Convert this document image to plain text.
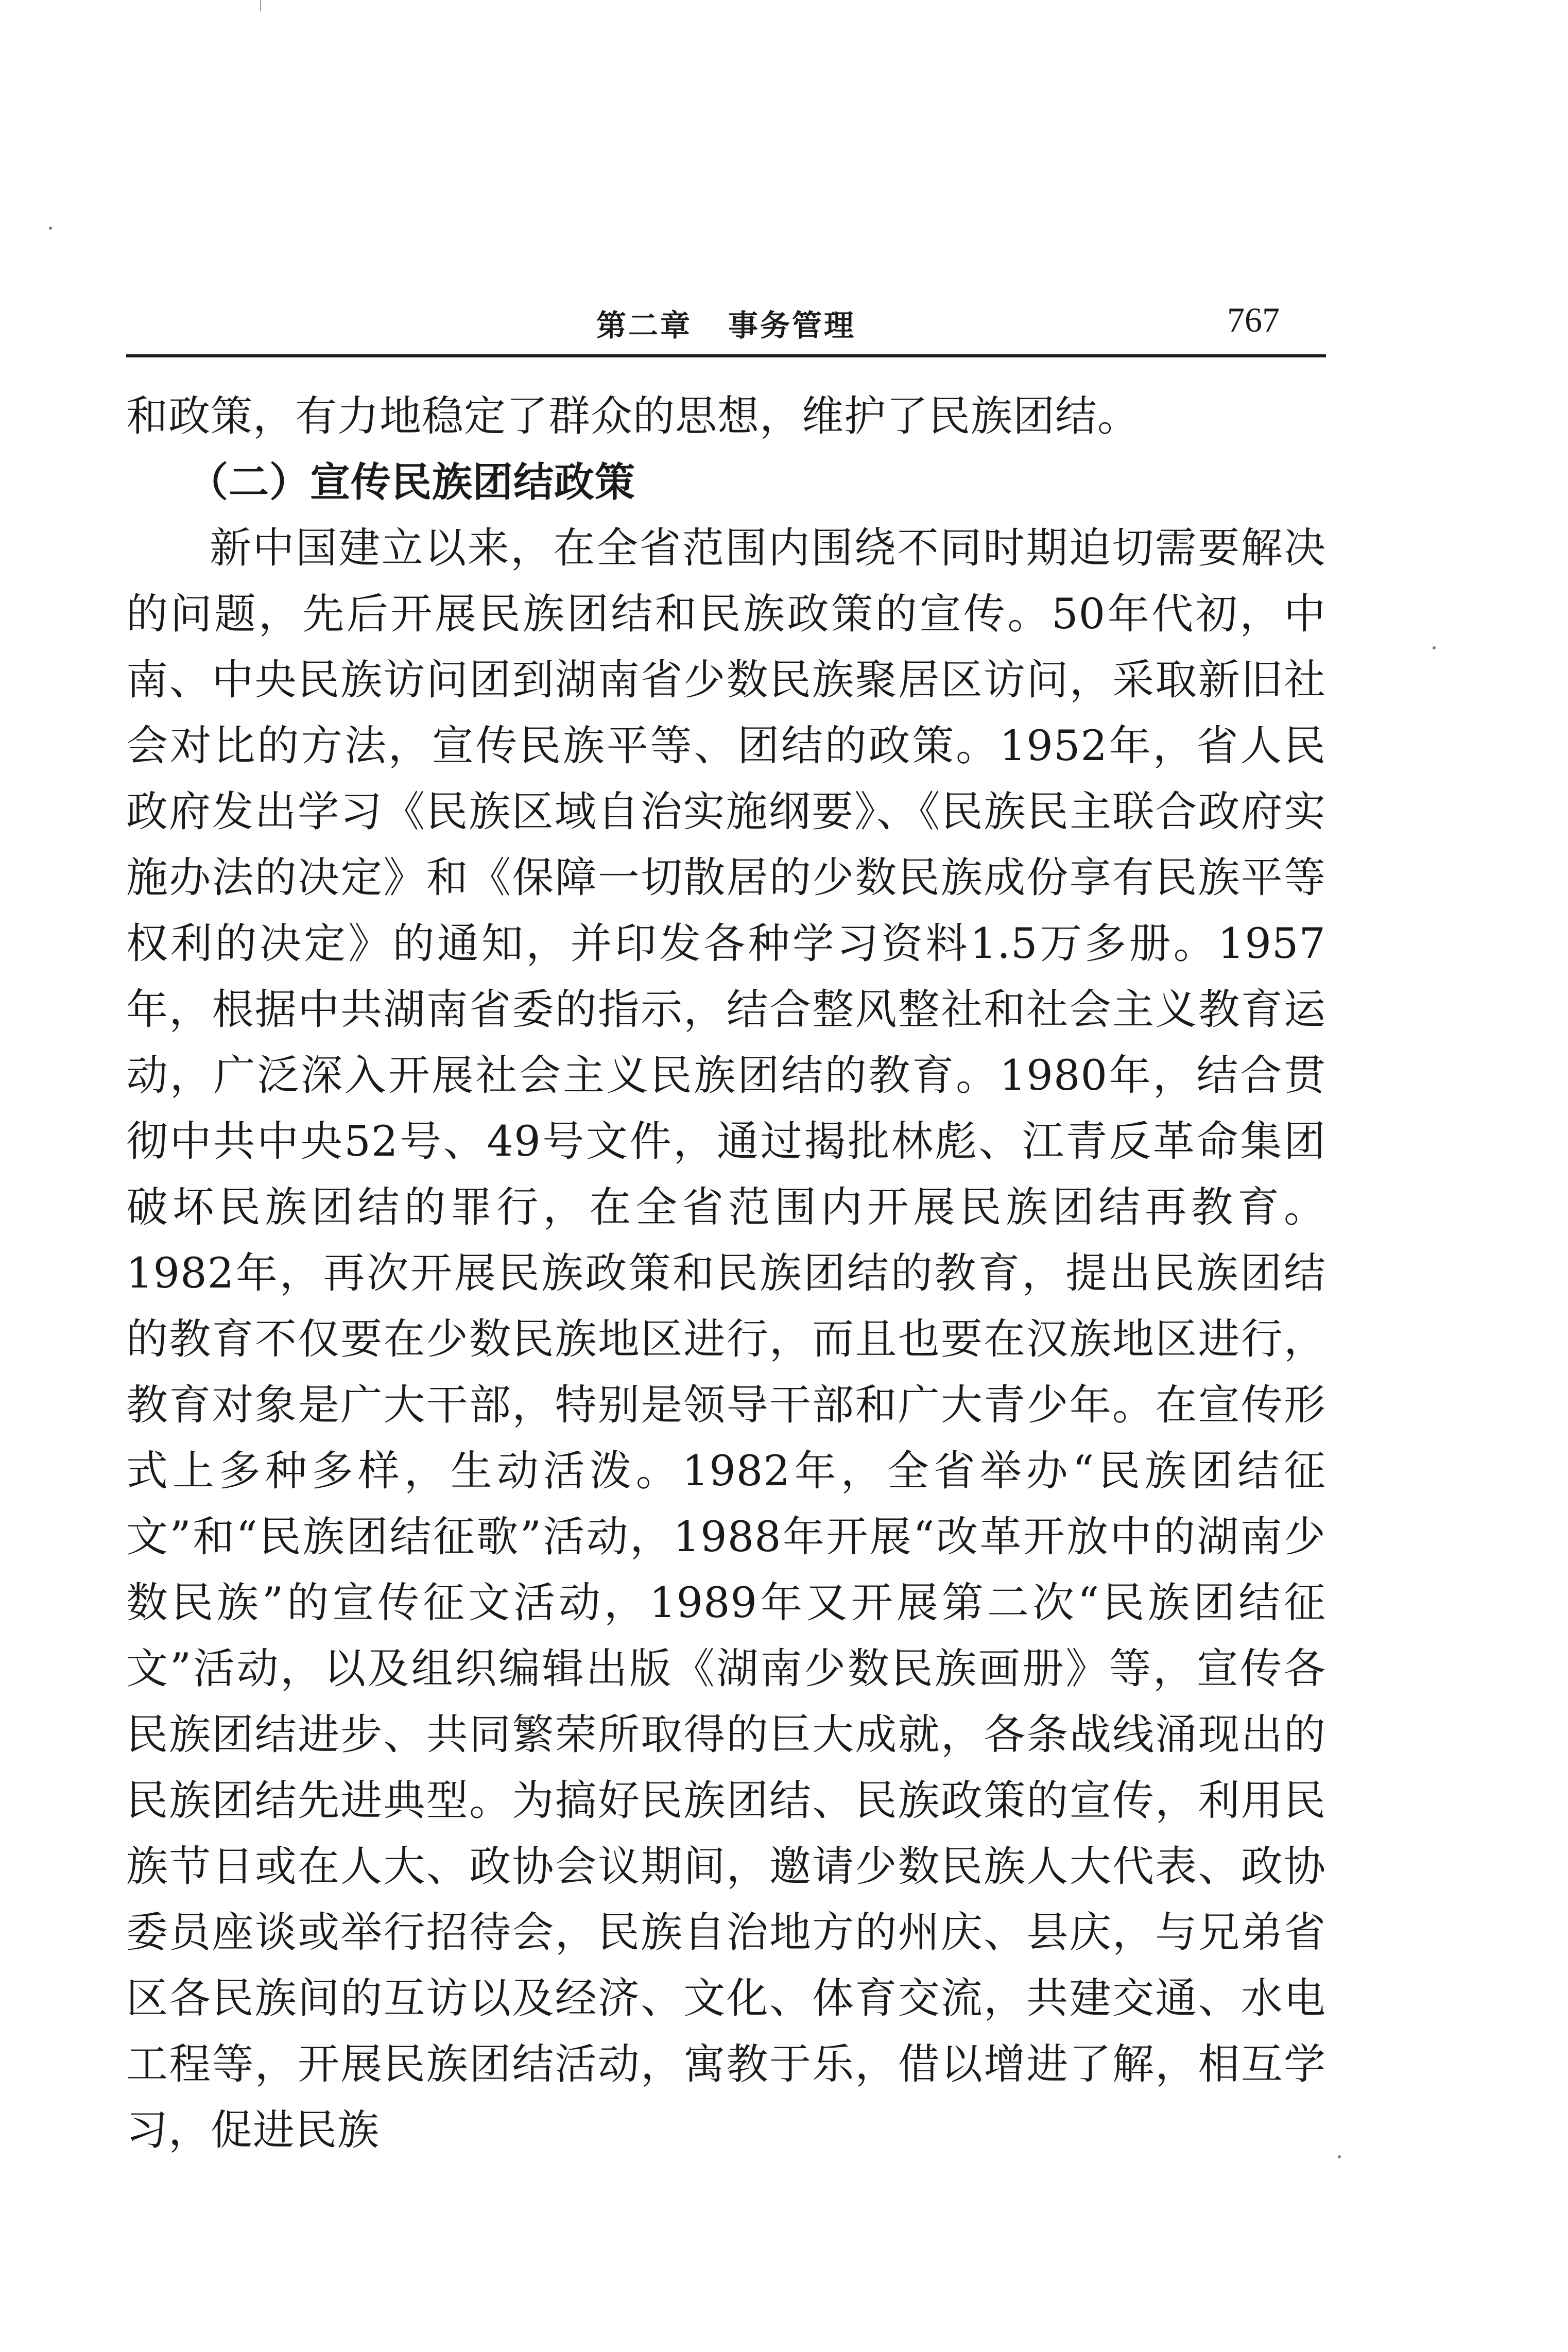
第二章 事务管理	767

和政策，有力地稳定了群众的思想，维护了民族团结。

（二）宣传民族团结政策

新中国建立以来，在全省范围内围绕不同时期迫切需要解决的问题，先后开展民族团结和民族政策的宣传。50年代初，中南、中央民族访问团到湖南省少数民族聚居区访问，采取新旧社会对比的方法，宣传民族平等、团结的政策。1952年，省人民政府发出学习《民族区域自治实施纲要》、《民族民主联合政府实施办法的决定》和《保障一切散居的少数民族成份享有民族平等权利的决定》的通知，并印发各种学习资料1.5万多册。1957年，根据中共湖南省委的指示，结合整风整社和社会主义教育运动，广泛深入开展社会主义民族团结的教育。1980年，结合贯彻中共中央52号、49号文件，通过揭批林彪、江青反革命集团破坏民族团结的罪行，在全省范围内开展民族团结再教育。1982年，再次开展民族政策和民族团结的教育，提出民族团结的教育不仅要在少数民族地区进行，而且也要在汉族地区进行，教育对象是广大干部，特别是领导干部和广大青少年。在宣传形式上多种多样，生动活泼。1982年，全省举办“民族团结征文”和“民族团结征歌”活动，1988年开展“改革开放中的湖南少数民族”的宣传征文活动，1989年又开展第二次“民族团结征文”活动，以及组织编辑出版《湖南少数民族画册》等，宣传各民族团结进步、共同繁荣所取得的巨大成就，各条战线涌现出的民族团结先进典型。为搞好民族团结、民族政策的宣传，利用民族节日或在人大、政协会议期间，邀请少数民族人大代表、政协委员座谈或举行招待会，民族自治地方的州庆、县庆，与兄弟省区各民族间的互访以及经济、文化、体育交流，共建交通、水电工程等，开展民族团结活动，寓教于乐，借以增进了解，相互学习，促进民族
